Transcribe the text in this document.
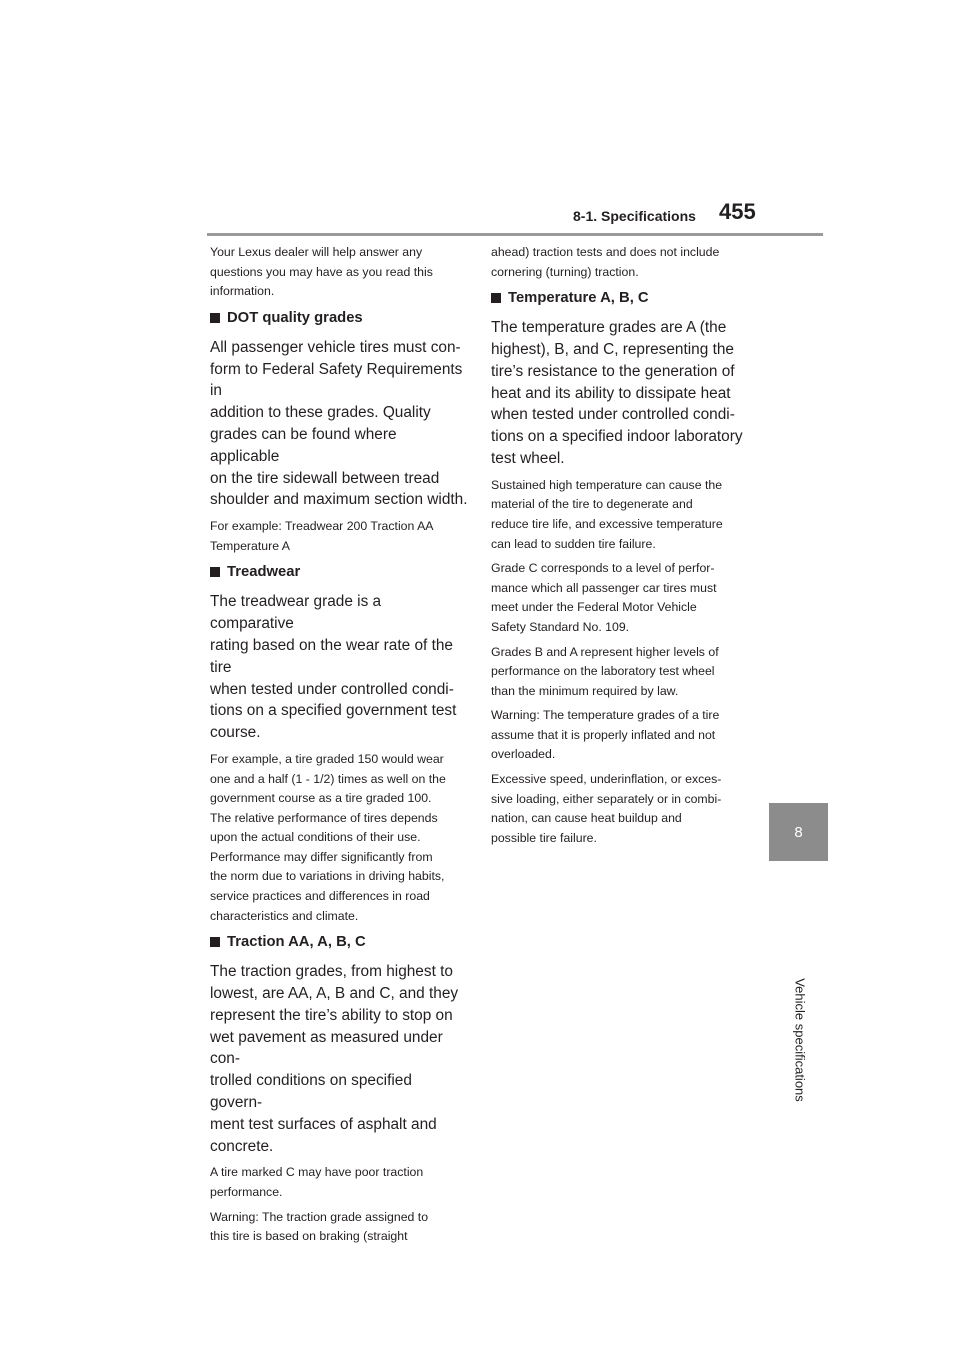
8-1. Specifications 455
8
Vehicle specifications

Your Lexus dealer will help answer any
questions you may have as you read this
information.

DOT quality grades

All passenger vehicle tires must con-
form to Federal Safety Requirements in
addition to these grades. Quality
grades can be found where applicable
on the tire sidewall between tread
shoulder and maximum section width.

For example: Treadwear 200 Traction AA
Temperature A

Treadwear

The treadwear grade is a comparative
rating based on the wear rate of the tire
when tested under controlled condi-
tions on a specified government test
course.

For example, a tire graded 150 would wear
one and a half (1 - 1/2) times as well on the
government course as a tire graded 100.
The relative performance of tires depends
upon the actual conditions of their use.
Performance may differ significantly from
the norm due to variations in driving habits,
service practices and differences in road
characteristics and climate.

Traction AA, A, B, C

The traction grades, from highest to
lowest, are AA, A, B and C, and they
represent the tire’s ability to stop on
wet pavement as measured under con-
trolled conditions on specified govern-
ment test surfaces of asphalt and
concrete.

A tire marked C may have poor traction
performance.

Warning: The traction grade assigned to
this tire is based on braking (straight

ahead) traction tests and does not include
cornering (turning) traction.

Temperature A, B, C

The temperature grades are A (the
highest), B, and C, representing the
tire’s resistance to the generation of
heat and its ability to dissipate heat
when tested under controlled condi-
tions on a specified indoor laboratory
test wheel.

Sustained high temperature can cause the
material of the tire to degenerate and
reduce tire life, and excessive temperature
can lead to sudden tire failure.

Grade C corresponds to a level of perfor-
mance which all passenger car tires must
meet under the Federal Motor Vehicle
Safety Standard No. 109.

Grades B and A represent higher levels of
performance on the laboratory test wheel
than the minimum required by law.

Warning: The temperature grades of a tire
assume that it is properly inflated and not
overloaded.

Excessive speed, underinflation, or exces-
sive loading, either separately or in combi-
nation, can cause heat buildup and
possible tire failure.
